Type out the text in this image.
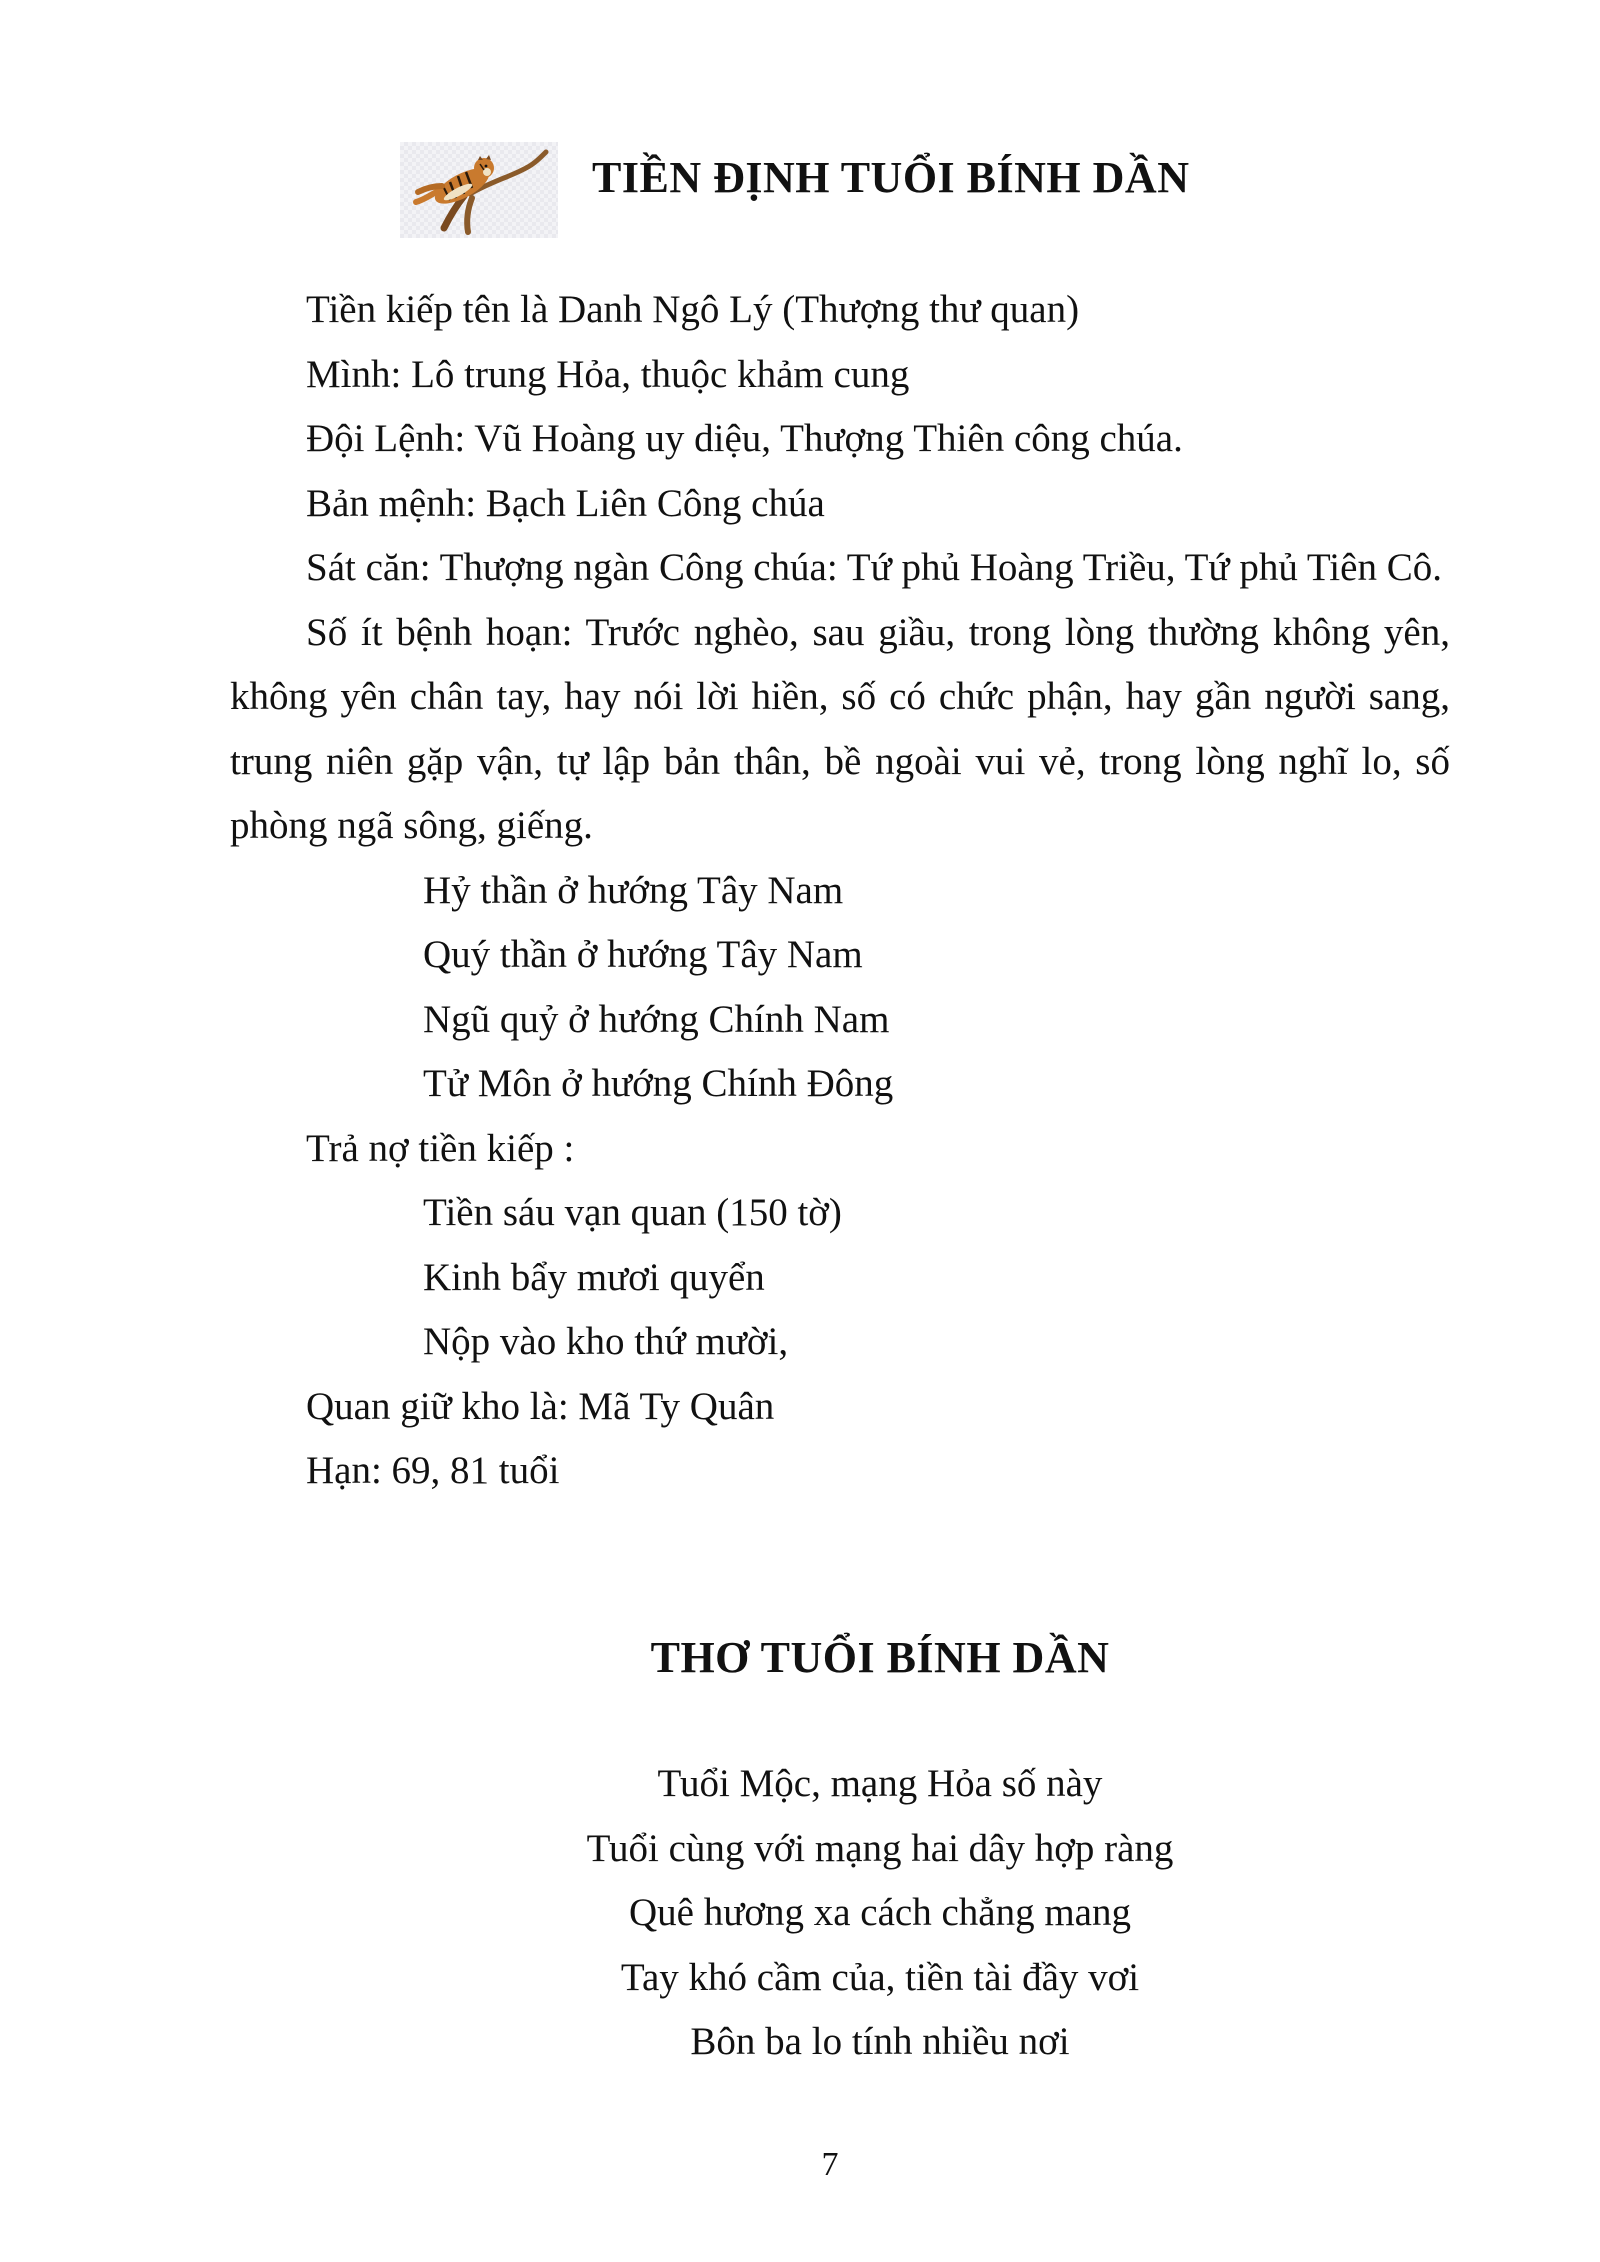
TIỀN ĐỊNH TUỔI BÍNH DẦN
Tiền kiếp tên là Danh Ngô Lý (Thượng thư quan)
Mình: Lô trung Hỏa, thuộc khảm cung
Đội Lệnh: Vũ Hoàng uy diệu, Thượng Thiên công chúa.
Bản mệnh: Bạch Liên Công chúa

Sát căn: Thượng ngàn Công chúa: Tứ phủ Hoàng Triều, Tứ phủ Tiên Cô.

Số ít bệnh hoạn: Trước nghèo, sau giầu, trong lòng thường không yên, không yên chân tay, hay nói lời hiền, số có chức phận, hay gần người sang, trung niên gặp vận, tự lập bản thân, bề ngoài vui vẻ, trong lòng nghĩ lo, số phòng ngã sông, giếng.

Hỷ thần ở hướng Tây Nam
Quý thần ở hướng Tây Nam
Ngũ quỷ ở hướng Chính Nam
Tử Môn ở hướng Chính Đông
Trả nợ tiền kiếp :
Tiền sáu vạn quan (150 tờ)
Kinh bẩy mươi quyển
Nộp vào kho thứ mười,
Quan giữ kho là: Mã Ty Quân
Hạn: 69, 81 tuổi
THƠ TUỔI BÍNH DẦN
Tuổi Mộc, mạng Hỏa số này
Tuổi cùng với mạng hai dây hợp ràng
Quê hương xa cách chẳng mang
Tay khó cầm của, tiền tài đầy vơi
Bôn ba lo tính nhiều nơi
7
